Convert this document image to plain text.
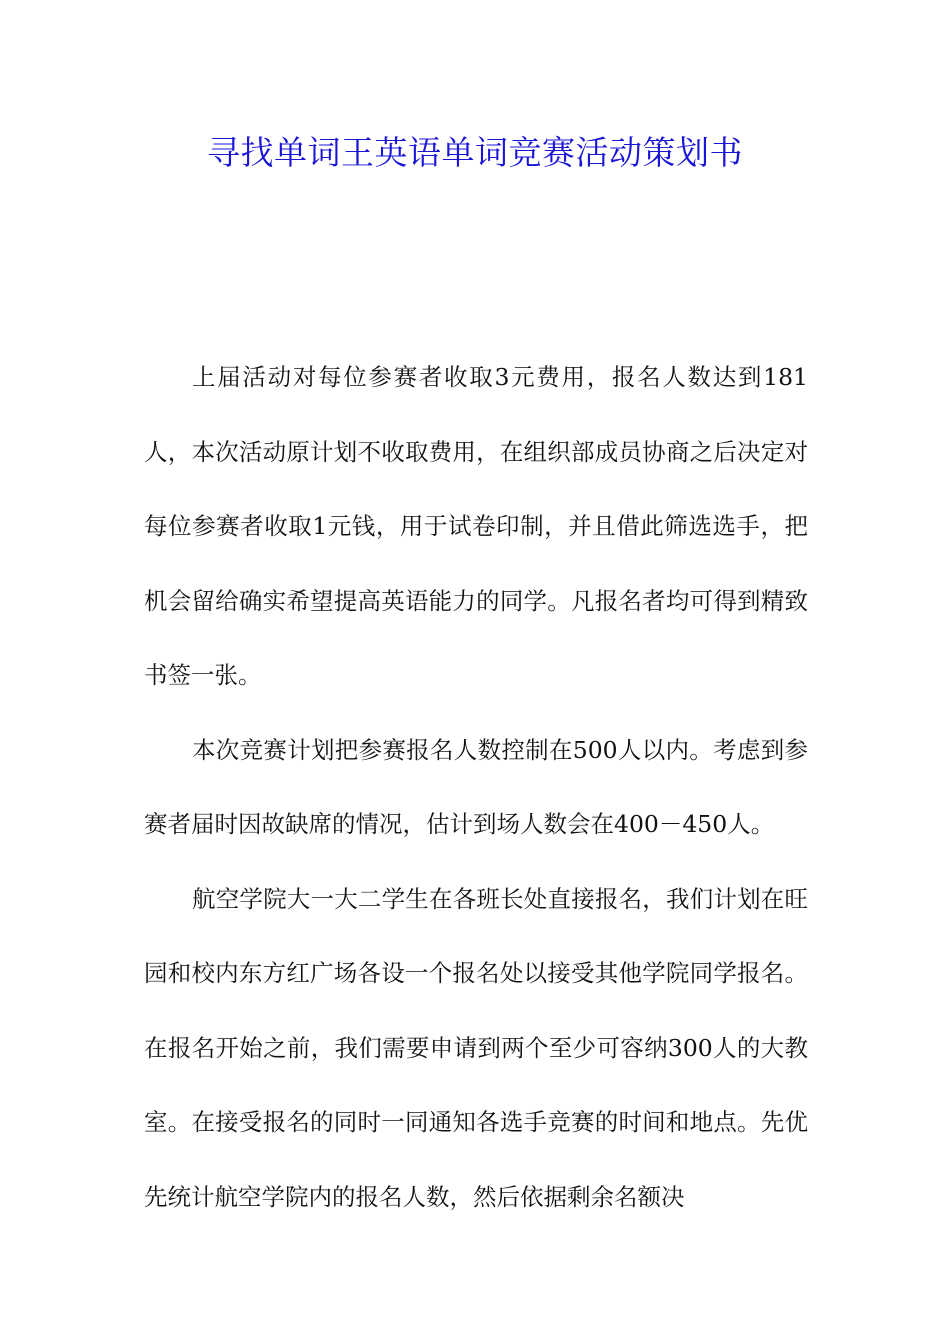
寻找单词王英语单词竞赛活动策划书

上届活动对每位参赛者收取3元费用，报名人数达到181人，本次活动原计划不收取费用，在组织部成员协商之后决定对每位参赛者收取1元钱，用于试卷印制，并且借此筛选选手，把机会留给确实希望提高英语能力的同学。凡报名者均可得到精致书签一张。

本次竞赛计划把参赛报名人数控制在500人以内。考虑到参赛者届时因故缺席的情况，估计到场人数会在400－450人。

航空学院大一大二学生在各班长处直接报名，我们计划在旺园和校内东方红广场各设一个报名处以接受其他学院同学报名。在报名开始之前，我们需要申请到两个至少可容纳300人的大教室。在接受报名的同时一同通知各选手竞赛的时间和地点。先优先统计航空学院内的报名人数，然后依据剩余名额决
